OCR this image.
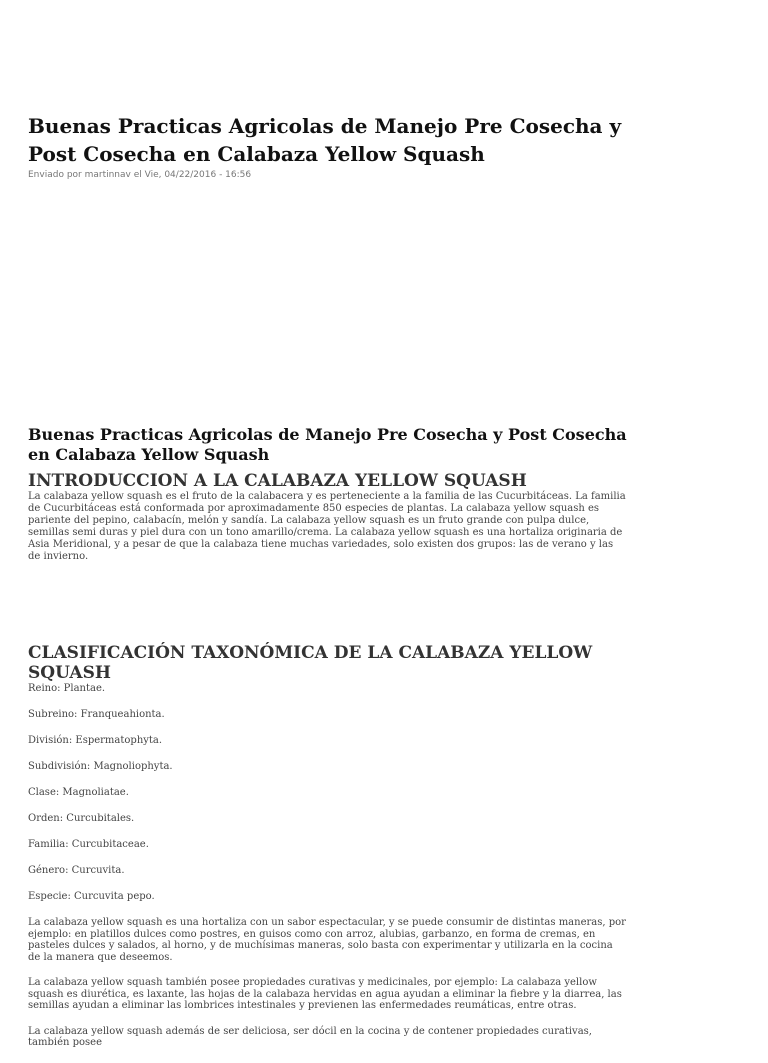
Buenas Practicas Agricolas de Manejo Pre Cosecha y Post Cosecha en Calabaza Yellow Squash
Enviado por martinnav el Vie, 04/22/2016 - 16:56
Buenas Practicas Agricolas de Manejo Pre Cosecha y Post Cosecha en Calabaza Yellow Squash
INTRODUCCION A LA CALABAZA YELLOW SQUASH

La calabaza yellow squash es el fruto de la calabacera y es perteneciente a la familia de las Cucurbitáceas. La familia de Cucurbitáceas está conformada por aproximadamente 850 especies de plantas. La calabaza yellow squash es pariente del pepino, calabacín, melón y sandía. La calabaza yellow squash es un fruto grande con pulpa dulce, semillas semi duras y piel dura con un tono amarillo/crema. La calabaza yellow squash es una hortaliza originaria de Asia Meridional, y a pesar de que la calabaza tiene muchas variedades, solo existen dos grupos: las de verano y las de invierno.

CLASIFICACIÓN TAXONÓMICA DE LA CALABAZA YELLOW SQUASH

Reino: Plantae.

Subreino: Franqueahionta.

División: Espermatophyta.

Subdivisión: Magnoliophyta.

Clase: Magnoliatae.

Orden: Curcubitales.

Familia: Curcubitaceae.

Género: Curcuvita.

Especie: Curcuvita pepo.

La calabaza yellow squash es una hortaliza con un sabor espectacular, y se puede consumir de distintas maneras, por ejemplo: en platillos dulces como postres, en guisos como con arroz, alubias, garbanzo, en forma de cremas, en pasteles dulces y salados, al horno, y de muchísimas maneras, solo basta con experimentar y utilizarla en la cocina de la manera que deseemos.

La calabaza yellow squash también posee propiedades curativas y medicinales, por ejemplo: La calabaza yellow squash es diurética, es laxante, las hojas de la calabaza hervidas en agua ayudan a eliminar la fiebre y la diarrea, las semillas ayudan a eliminar las lombrices intestinales y previenen las enfermedades reumáticas, entre otras.

La calabaza yellow squash además de ser deliciosa, ser dócil en la cocina y de contener propiedades curativas, también posee
